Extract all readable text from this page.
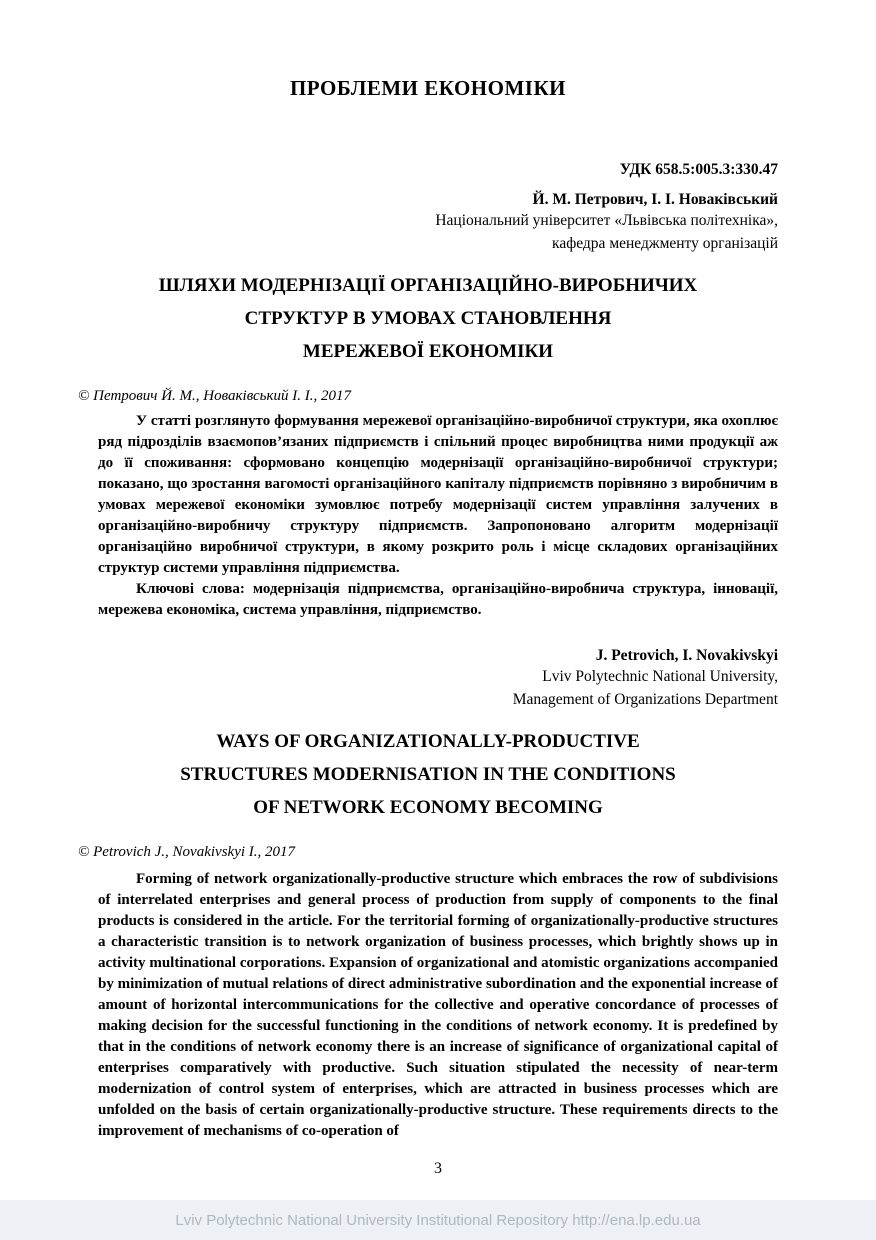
ПРОБЛЕМИ ЕКОНОМІКИ
УДК 658.5:005.3:330.47
Й. М. Петрович, І. І. Новаківський
Національний університет «Львівська політехніка»,
кафедра менеджменту організацій
ШЛЯХИ МОДЕРНІЗАЦІЇ ОРГАНІЗАЦІЙНО-ВИРОБНИЧИХ
СТРУКТУР В УМОВАХ СТАНОВЛЕННЯ
МЕРЕЖЕВОЇ ЕКОНОМІКИ
© Петрович Й. М., Новаківський І. І., 2017

У статті розглянуто формування мережевої організаційно-виробничої структури, яка охоплює ряд підрозділів взаємопов’язаних підприємств і спільний процес виробництва ними продукції аж до її споживання: сформовано концепцію модернізації організаційно-виробничої структури; показано, що зростання вагомості організаційного капіталу підприємств порівняно з виробничим в умовах мережевої економіки зумовлює потребу модернізації систем управління залучених в організаційно-виробничу структуру підприємств. Запропоновано алгоритм модернізації організаційно виробничої структури, в якому розкрито роль і місце складових організаційних структур системи управління підприємства.

Ключові слова: модернізація підприємства, організаційно-виробнича структура, інновації, мережева економіка, система управління, підприємство.

J. Petrovich, I. Novakivskyi
Lviv Polytechnic National University,
Management of Organizations Department
WAYS OF ORGANIZATIONALLY-PRODUCTIVE
STRUCTURES MODERNISATION IN THE CONDITIONS
OF NETWORK ECONOMY BECOMING
© Petrovich J., Novakivskyi I., 2017

Forming of network organizationally-productive structure which embraces the row of subdivisions of interrelated enterprises and general process of production from supply of components to the final products is considered in the article. For the territorial forming of organizationally-productive structures a characteristic transition is to network organization of business processes, which brightly shows up in activity multinational corporations. Expansion of organizational and atomistic organizations accompanied by minimization of mutual relations of direct administrative subordination and the exponential increase of amount of horizontal intercommunications for the collective and operative concordance of processes of making decision for the successful functioning in the conditions of network economy. It is predefined by that in the conditions of network economy there is an increase of significance of organizational capital of enterprises comparatively with productive. Such situation stipulated the necessity of near-term modernization of control system of enterprises, which are attracted in business processes which are unfolded on the basis of certain organizationally-productive structure. These requirements directs to the improvement of mechanisms of co-operation of

3
Lviv Polytechnic National University Institutional Repository http://ena.lp.edu.ua
